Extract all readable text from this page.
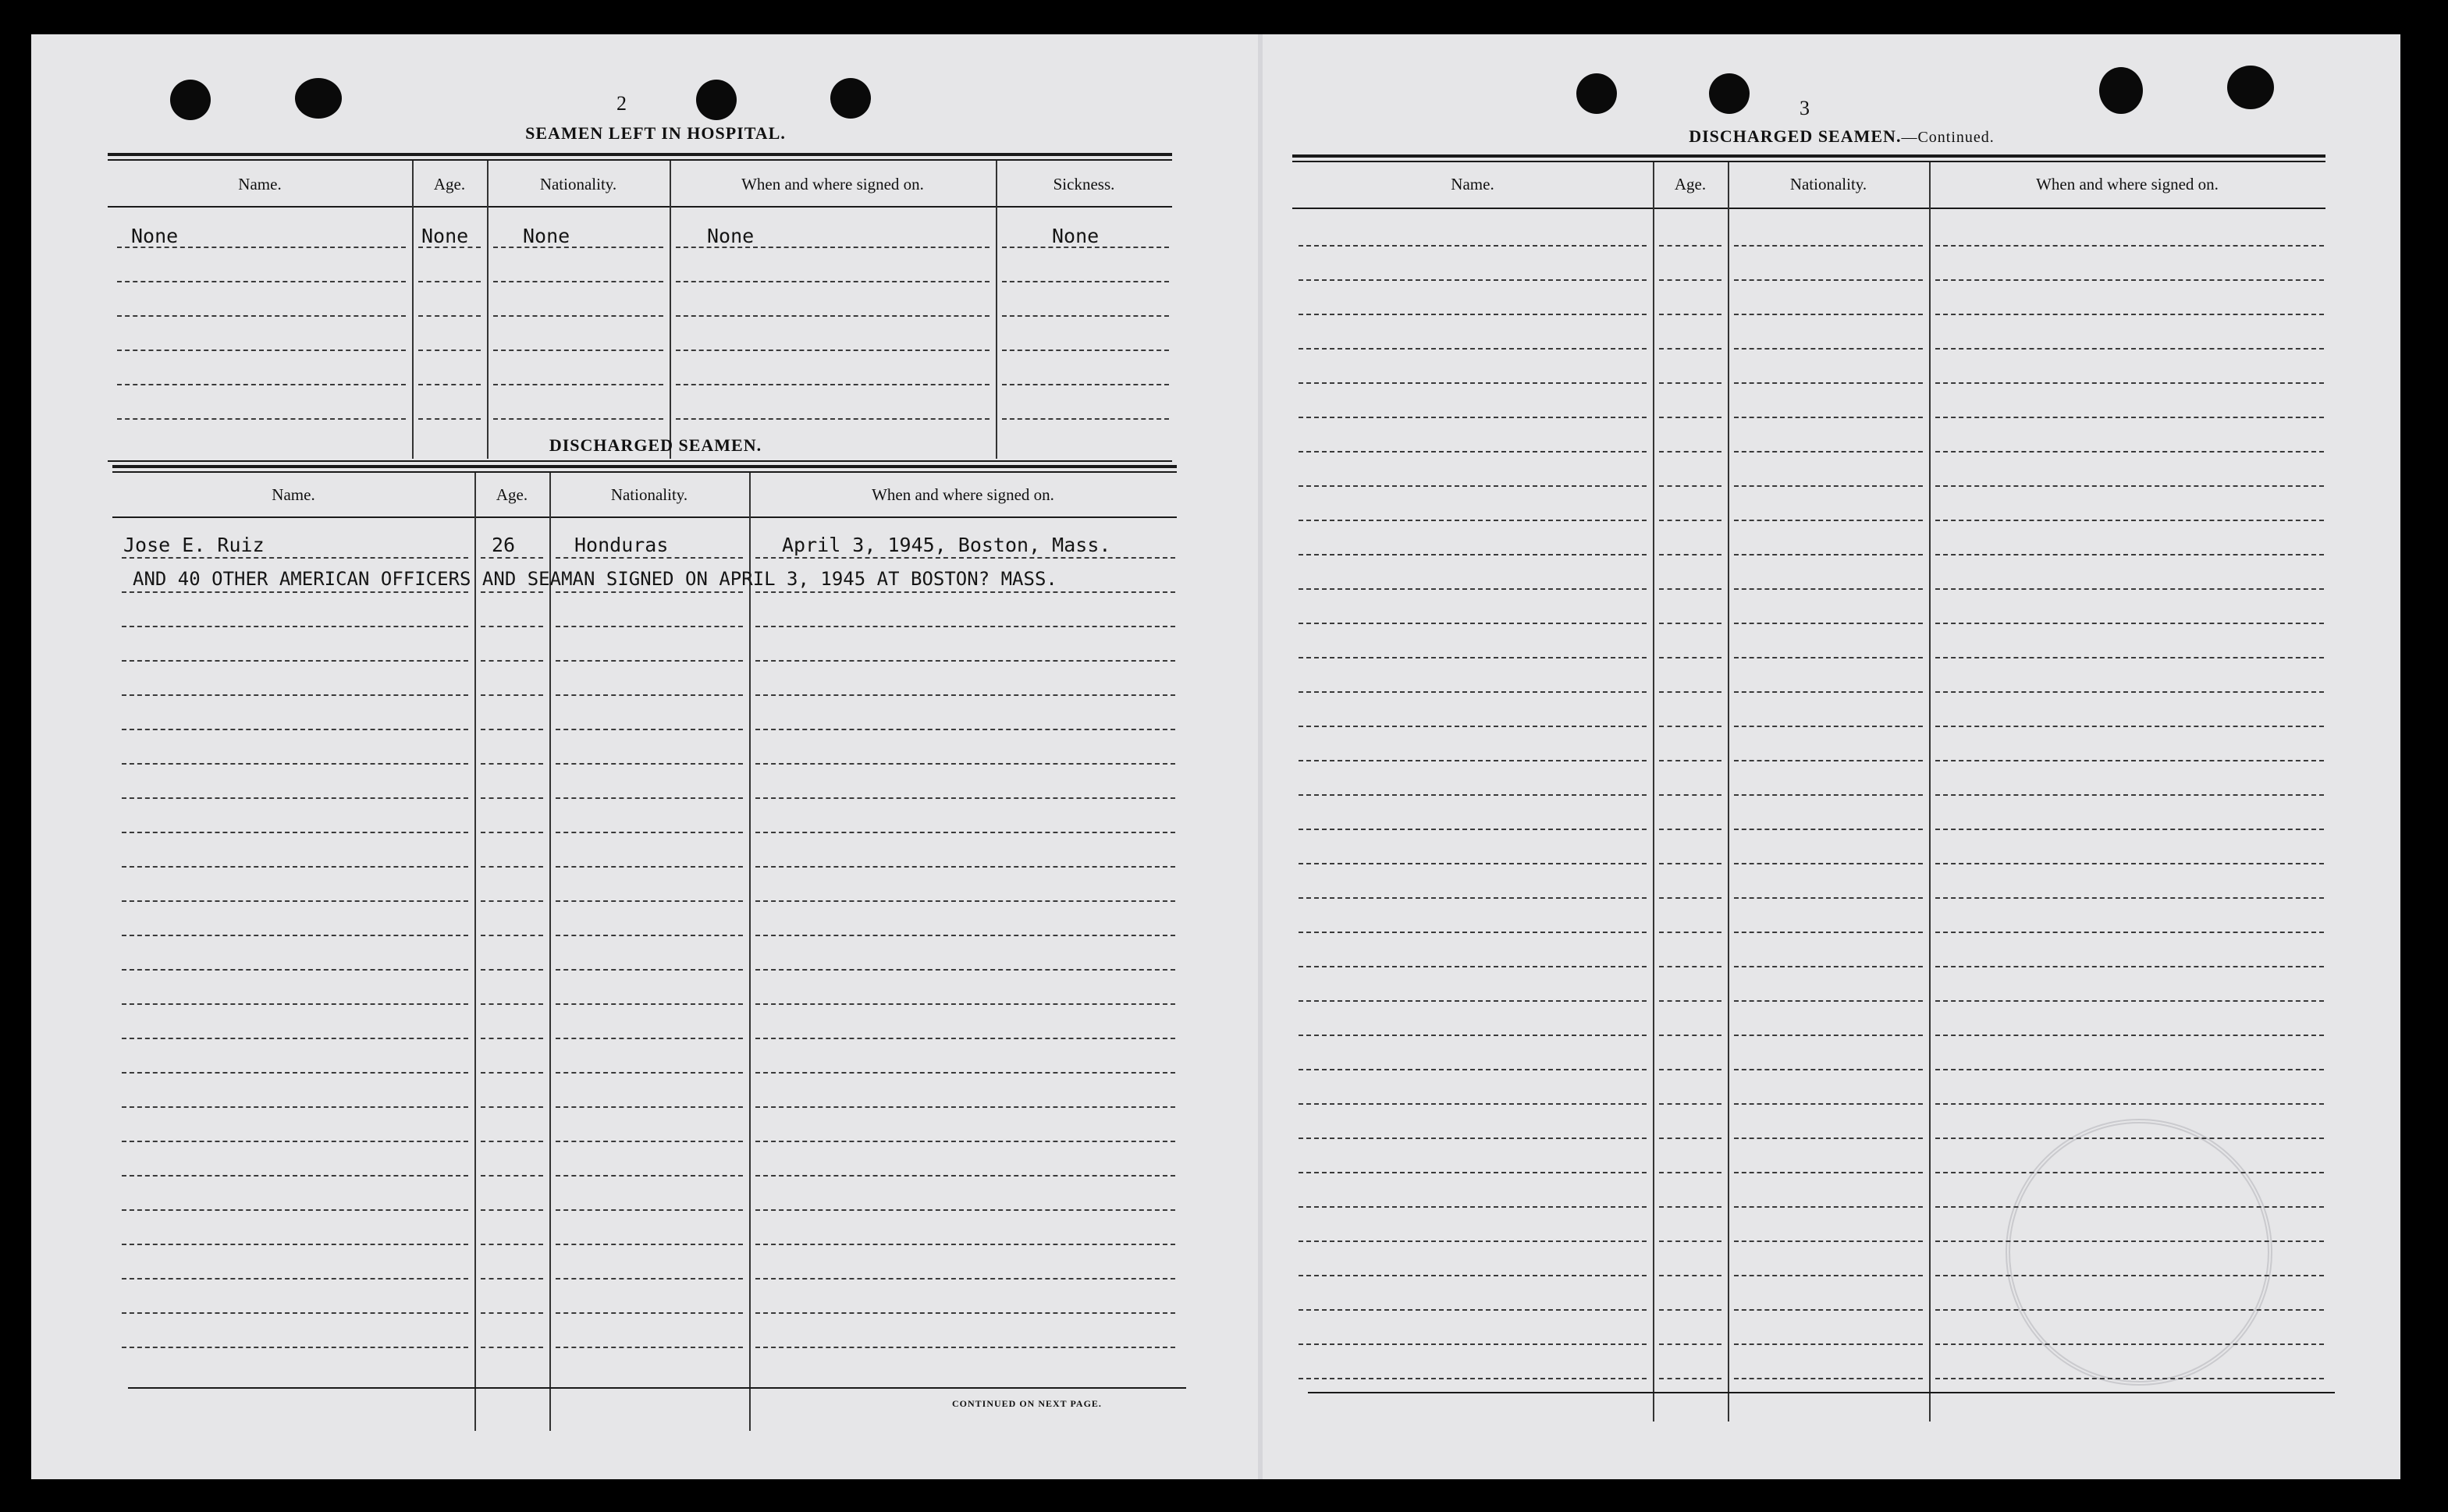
2
SEAMEN LEFT IN HOSPITAL.
Name.	Age.	Nationality.	When and where signed on.	Sickness.
None	None	None	None	None
DISCHARGED SEAMEN.
Name.	Age.	Nationality.	When and where signed on.
Jose E. Ruiz	26	Honduras	April 3, 1945, Boston, Mass.
AND 40 OTHER AMERICAN OFFICERS AND SEAMAN SIGNED ON APRIL 3, 1945 AT BOSTON? MASS.
CONTINUED ON NEXT PAGE.
3
DISCHARGED SEAMEN.—Continued.
Name.	Age.	Nationality.	When and where signed on.
